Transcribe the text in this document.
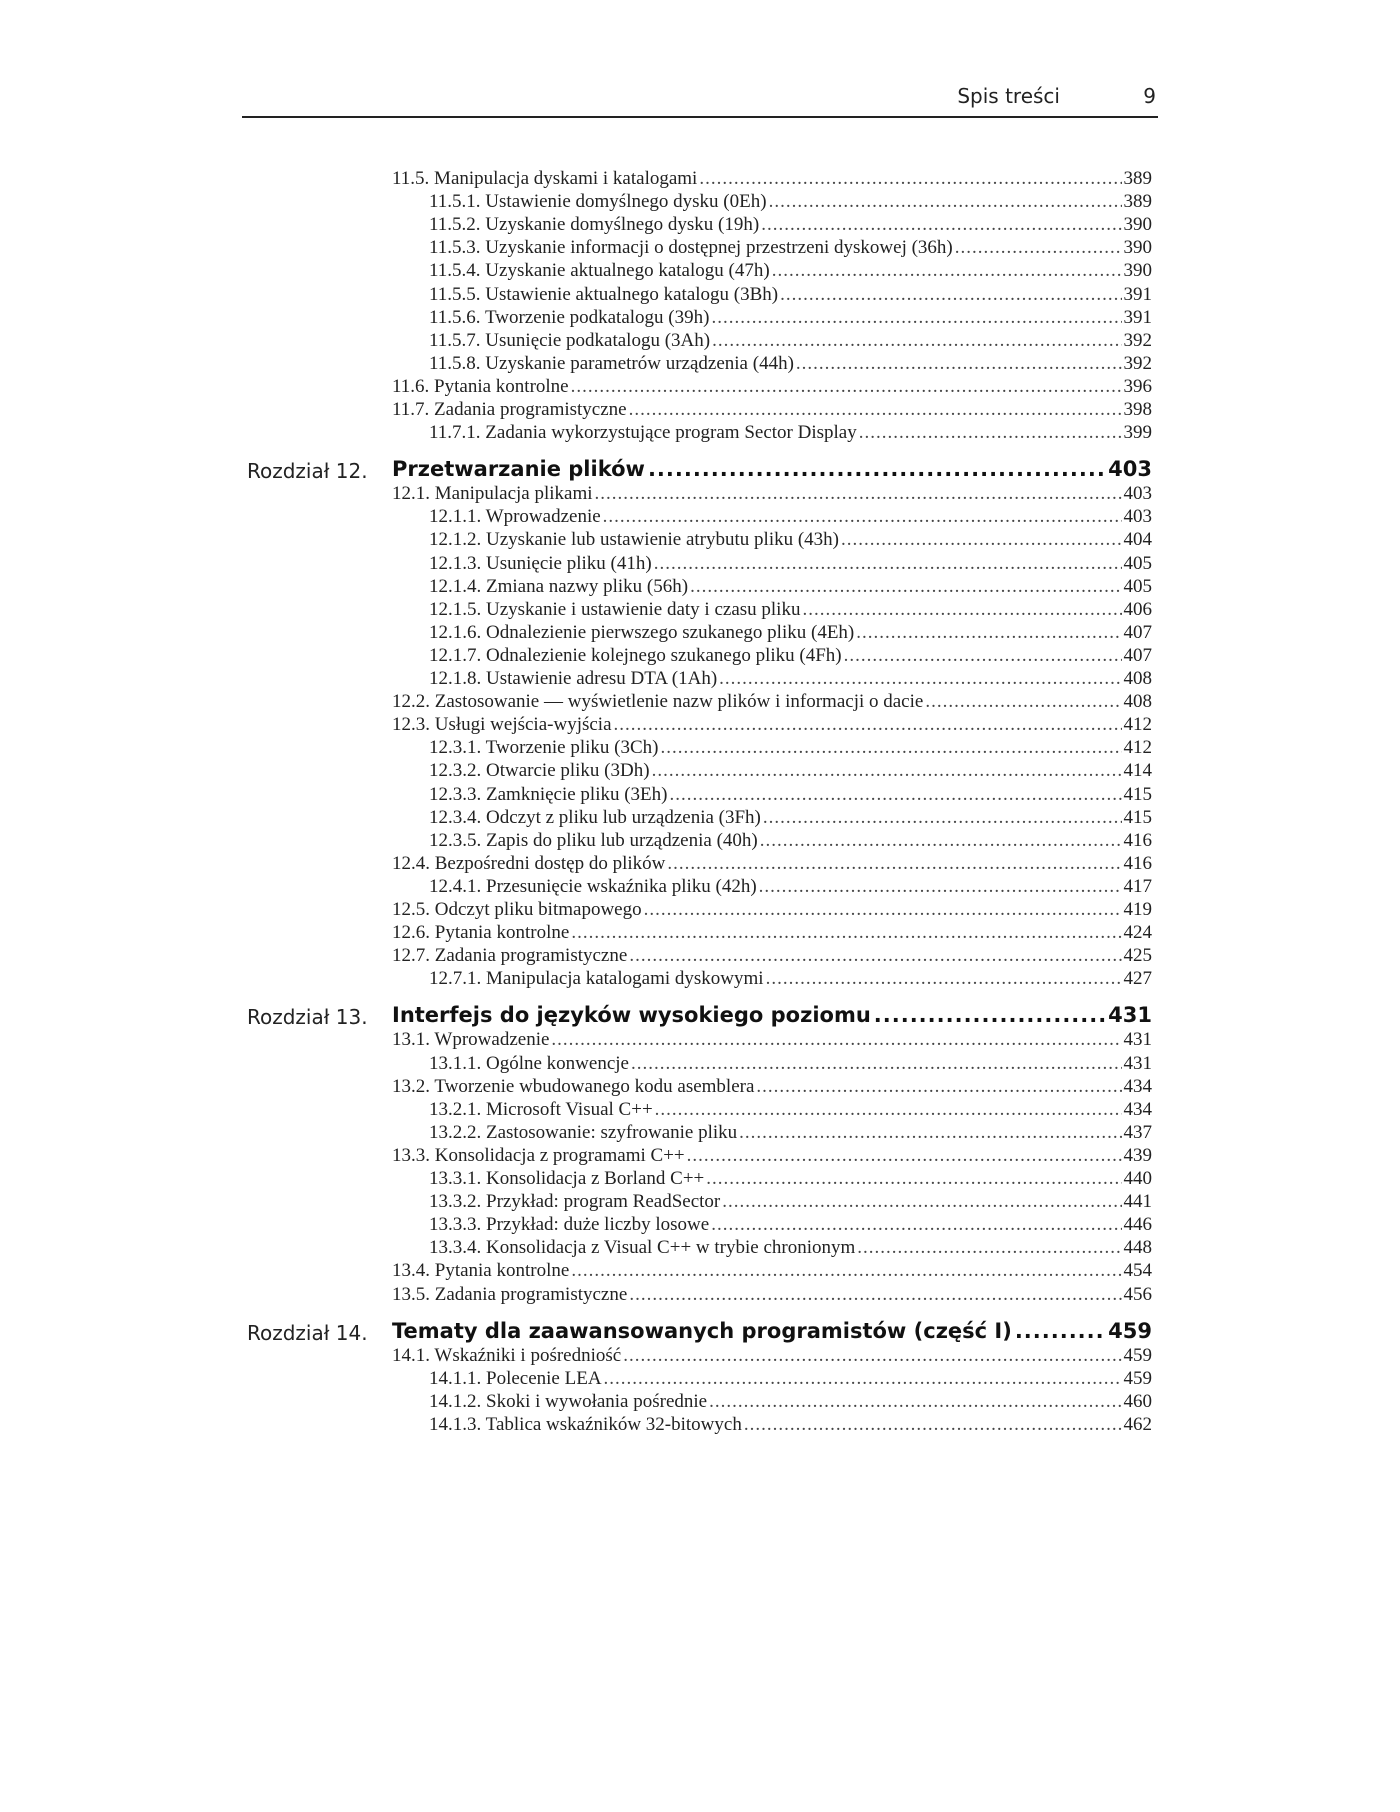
Spis treści	9
11.5. Manipulacja dyskami i katalogami .....	389
11.5.1. Ustawienie domyślnego dysku (0Eh) .....	389
11.5.2. Uzyskanie domyślnego dysku (19h) .....	390
11.5.3. Uzyskanie informacji o dostępnej przestrzeni dyskowej (36h) .....	390
11.5.4. Uzyskanie aktualnego katalogu (47h) .....	390
11.5.5. Ustawienie aktualnego katalogu (3Bh) .....	391
11.5.6. Tworzenie podkatalogu (39h) .....	391
11.5.7. Usunięcie podkatalogu (3Ah) .....	392
11.5.8. Uzyskanie parametrów urządzenia (44h) .....	392
11.6. Pytania kontrolne .....	396
11.7. Zadania programistyczne .....	398
11.7.1. Zadania wykorzystujące program Sector Display .....	399
Rozdział 12. Przetwarzanie plików .....	403
12.1. Manipulacja plikami .....	403
12.1.1. Wprowadzenie .....	403
12.1.2. Uzyskanie lub ustawienie atrybutu pliku (43h) .....	404
12.1.3. Usunięcie pliku (41h) .....	405
12.1.4. Zmiana nazwy pliku (56h) .....	405
12.1.5. Uzyskanie i ustawienie daty i czasu pliku .....	406
12.1.6. Odnalezienie pierwszego szukanego pliku (4Eh) .....	407
12.1.7. Odnalezienie kolejnego szukanego pliku (4Fh) .....	407
12.1.8. Ustawienie adresu DTA (1Ah) .....	408
12.2. Zastosowanie — wyświetlenie nazw plików i informacji o dacie .....	408
12.3. Usługi wejścia-wyjścia .....	412
12.3.1. Tworzenie pliku (3Ch) .....	412
12.3.2. Otwarcie pliku (3Dh) .....	414
12.3.3. Zamknięcie pliku (3Eh) .....	415
12.3.4. Odczyt z pliku lub urządzenia (3Fh) .....	415
12.3.5. Zapis do pliku lub urządzenia (40h) .....	416
12.4. Bezpośredni dostęp do plików .....	416
12.4.1. Przesunięcie wskaźnika pliku (42h) .....	417
12.5. Odczyt pliku bitmapowego .....	419
12.6. Pytania kontrolne .....	424
12.7. Zadania programistyczne .....	425
12.7.1. Manipulacja katalogami dyskowymi .....	427
Rozdział 13. Interfejs do języków wysokiego poziomu .....	431
13.1. Wprowadzenie .....	431
13.1.1. Ogólne konwencje .....	431
13.2. Tworzenie wbudowanego kodu asemblera .....	434
13.2.1. Microsoft Visual C++ .....	434
13.2.2. Zastosowanie: szyfrowanie pliku .....	437
13.3. Konsolidacja z programami C++ .....	439
13.3.1. Konsolidacja z Borland C++ .....	440
13.3.2. Przykład: program ReadSector .....	441
13.3.3. Przykład: duże liczby losowe .....	446
13.3.4. Konsolidacja z Visual C++ w trybie chronionym .....	448
13.4. Pytania kontrolne .....	454
13.5. Zadania programistyczne .....	456
Rozdział 14. Tematy dla zaawansowanych programistów (część I) .....	459
14.1. Wskaźniki i pośredniość .....	459
14.1.1. Polecenie LEA .....	459
14.1.2. Skoki i wywołania pośrednie .....	460
14.1.3. Tablica wskaźników 32-bitowych .....	462
